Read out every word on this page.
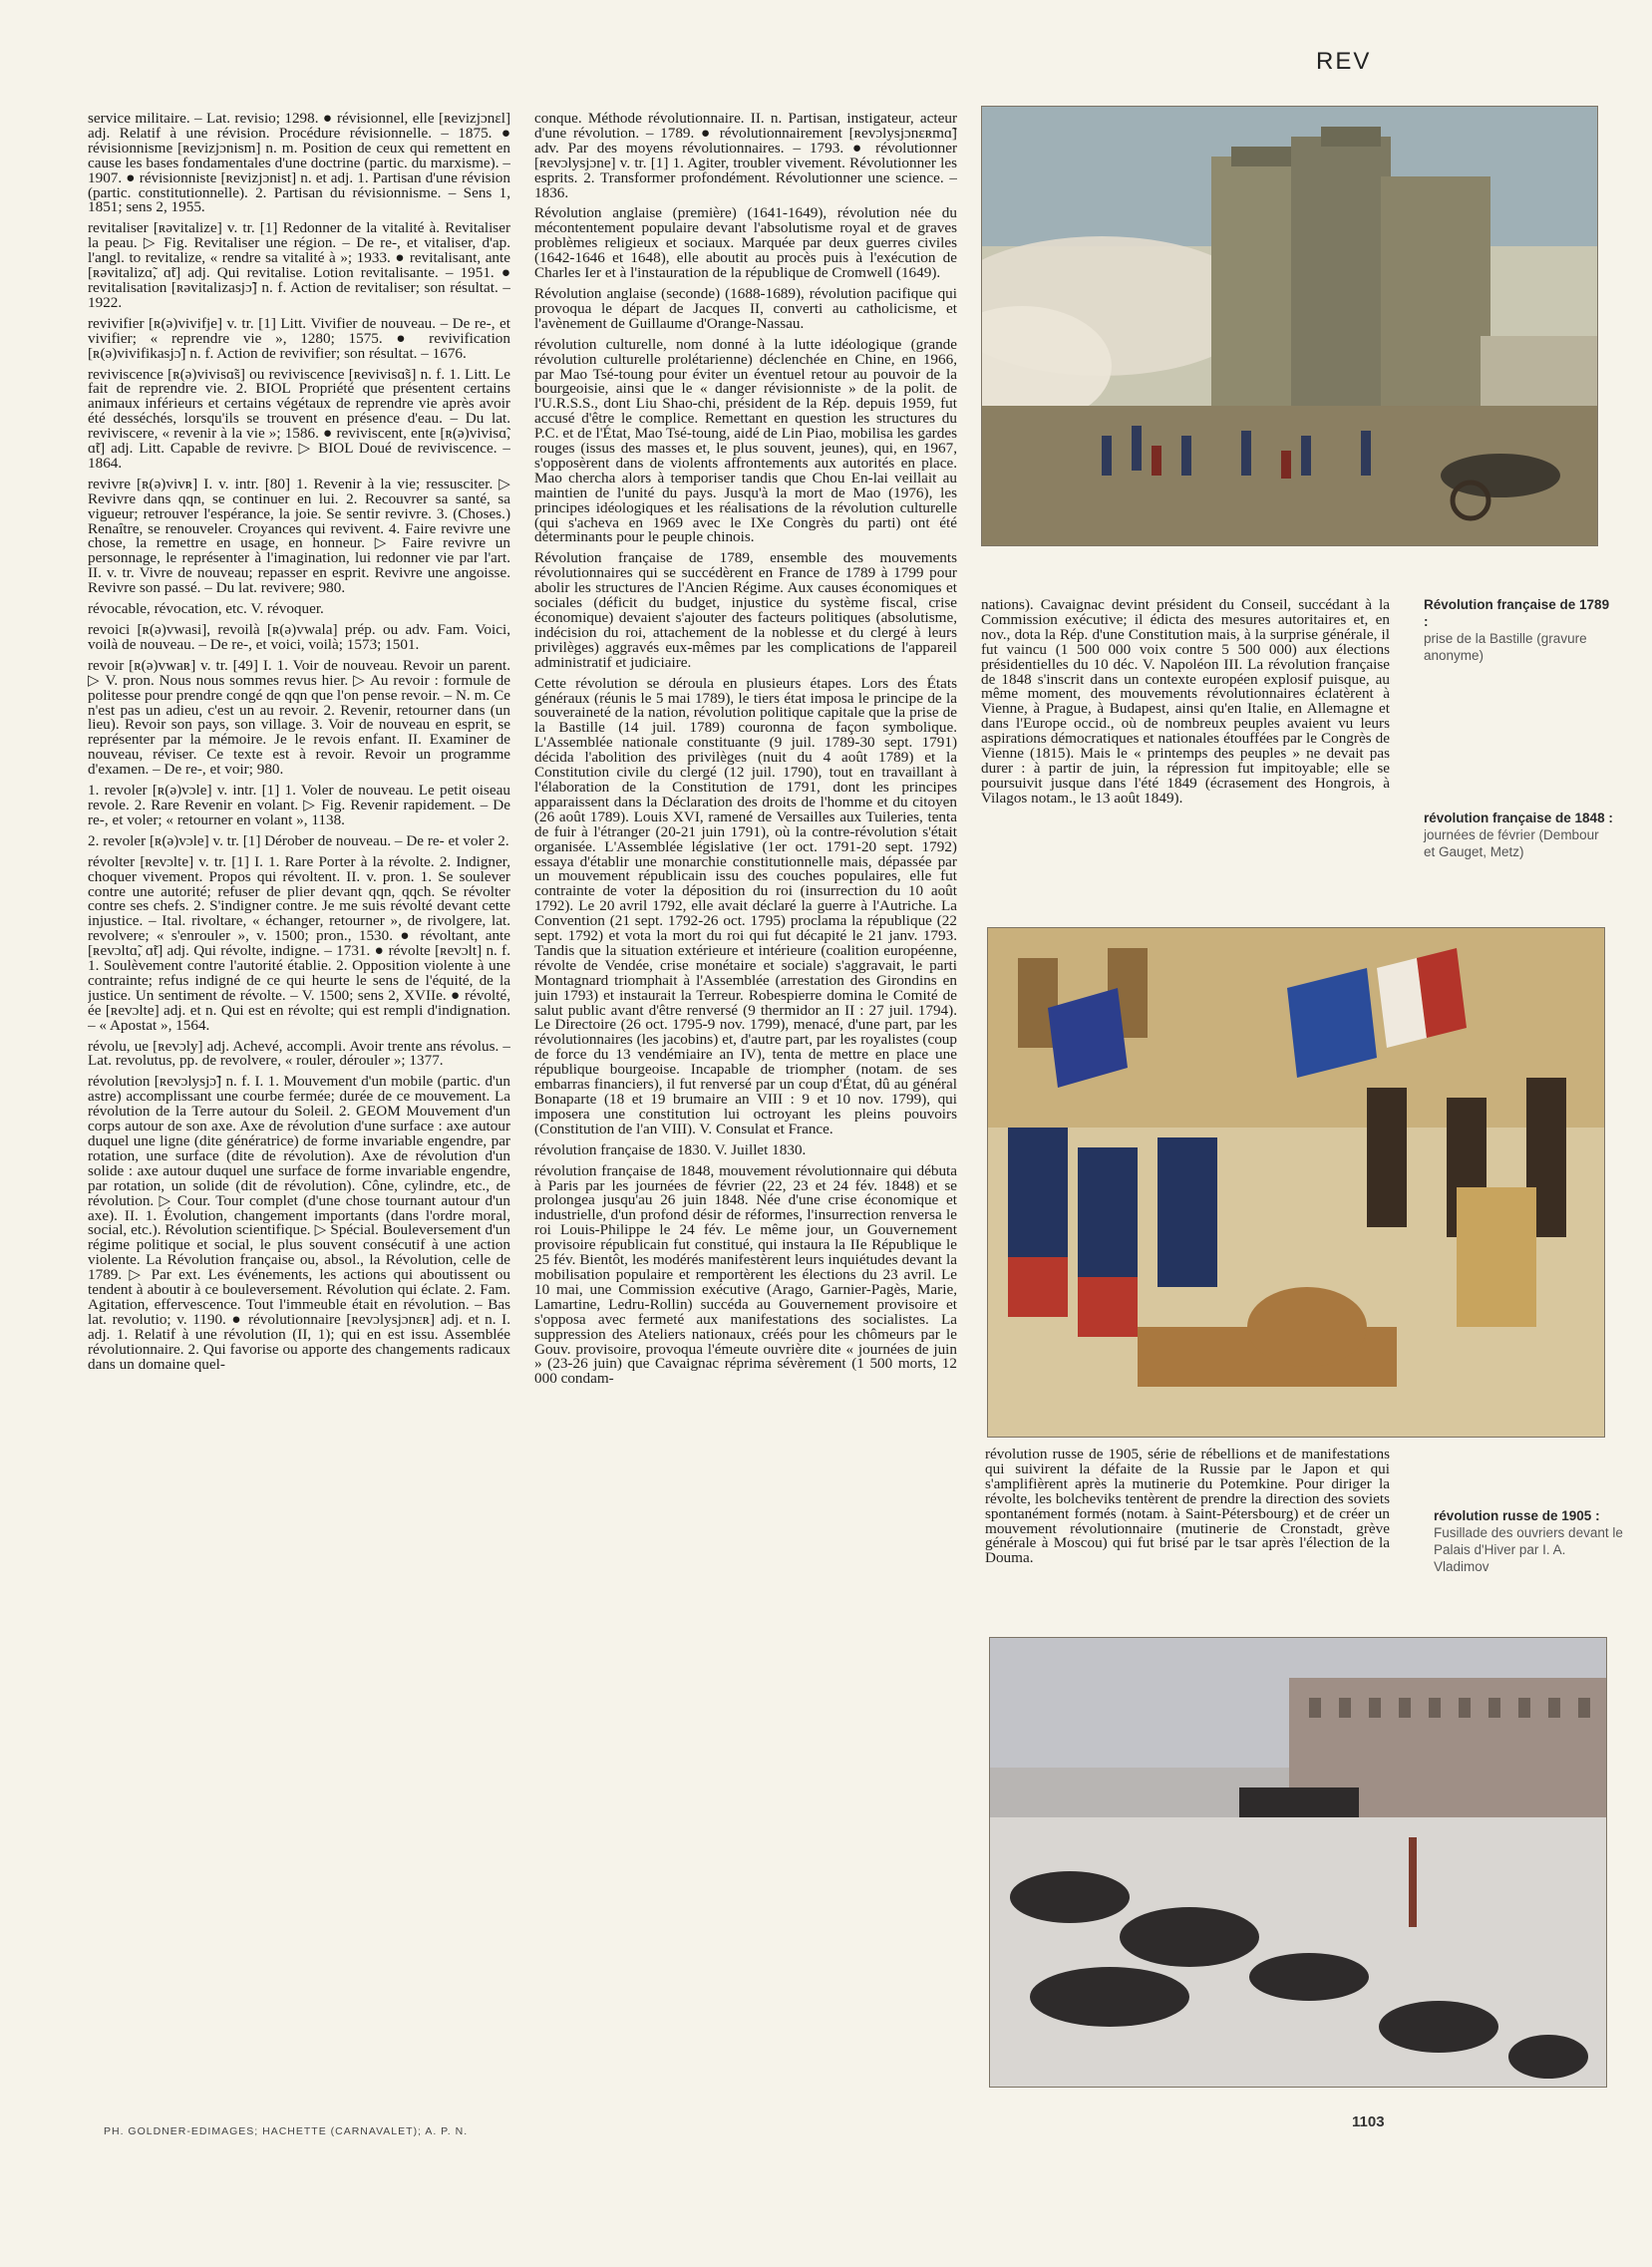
REV

service militaire. – Lat. revisio; 1298. ● révisionnel, elle [ʀevizjɔnɛl] adj. Relatif à une révision. Procédure révisionnelle. – 1875. ● révisionnisme [ʀevizjɔnism] n. m. Position de ceux qui remettent en cause les bases fondamentales d'une doctrine (partic. du marxisme). – 1907. ● révisionniste [ʀevizjɔnist] n. et adj. 1. Partisan d'une révision (partic. constitutionnelle). 2. Partisan du révisionnisme. – Sens 1, 1851; sens 2, 1955.

revitaliser [ʀəvitalize] v. tr. [1] Redonner de la vitalité à. Revitaliser la peau. ▷ Fig. Revitaliser une région. – De re-, et vitaliser, d'ap. l'angl. to revitalize, « rendre sa vitalité à »; 1933. ● revitalisant, ante [ʀəvitalizɑ̃, ɑ̃t] adj. Qui revitalise. Lotion revitalisante. – 1951. ● revitalisation [ʀəvitalizasjɔ̃] n. f. Action de revitaliser; son résultat. – 1922.

revivifier [ʀ(ə)vivifje] v. tr. [1] Litt. Vivifier de nouveau. – De re-, et vivifier; « reprendre vie », 1280; 1575. ● revivification [ʀ(ə)vivifikasjɔ̃] n. f. Action de revivifier; son résultat. – 1676.

reviviscence [ʀ(ə)vivisɑ̃s] ou reviviscence [ʀevivisɑ̃s] n. f. 1. Litt. Le fait de reprendre vie. 2. BIOL Propriété que présentent certains animaux inférieurs et certains végétaux de reprendre vie après avoir été desséchés, lorsqu'ils se trouvent en présence d'eau. – Du lat. reviviscere, « revenir à la vie »; 1586. ● reviviscent, ente [ʀ(ə)vivisɑ̃, ɑ̃t] adj. Litt. Capable de revivre. ▷ BIOL Doué de reviviscence. – 1864.

revivre [ʀ(ə)vivʀ] I. v. intr. [80] 1. Revenir à la vie; ressusciter. ▷ Revivre dans qqn, se continuer en lui. 2. Recouvrer sa santé, sa vigueur; retrouver l'espérance, la joie. Se sentir revivre. 3. (Choses.) Renaître, se renouveler. Croyances qui revivent. 4. Faire revivre une chose, la remettre en usage, en honneur. ▷ Faire revivre un personnage, le représenter à l'imagination, lui redonner vie par l'art. II. v. tr. Vivre de nouveau; repasser en esprit. Revivre une angoisse. Revivre son passé. – Du lat. revivere; 980.

révocable, révocation, etc. V. révoquer.

revoici [ʀ(ə)vwasi], revoilà [ʀ(ə)vwala] prép. ou adv. Fam. Voici, voilà de nouveau. – De re-, et voici, voilà; 1573; 1501.

revoir [ʀ(ə)vwaʀ] v. tr. [49] I. 1. Voir de nouveau. Revoir un parent. ▷ V. pron. Nous nous sommes revus hier. ▷ Au revoir : formule de politesse pour prendre congé de qqn que l'on pense revoir. – N. m. Ce n'est pas un adieu, c'est un au revoir. 2. Revenir, retourner dans (un lieu). Revoir son pays, son village. 3. Voir de nouveau en esprit, se représenter par la mémoire. Je le revois enfant. II. Examiner de nouveau, réviser. Ce texte est à revoir. Revoir un programme d'examen. – De re-, et voir; 980.

1. revoler [ʀ(ə)vɔle] v. intr. [1] 1. Voler de nouveau. Le petit oiseau revole. 2. Rare Revenir en volant. ▷ Fig. Revenir rapidement. – De re-, et voler; « retourner en volant », 1138.

2. revoler [ʀ(ə)vɔle] v. tr. [1] Dérober de nouveau. – De re- et voler 2.

révolter [ʀevɔlte] v. tr. [1] I. 1. Rare Porter à la révolte. 2. Indigner, choquer vivement. Propos qui révoltent. II. v. pron. 1. Se soulever contre une autorité; refuser de plier devant qqn, qqch. Se révolter contre ses chefs. 2. S'indigner contre. Je me suis révolté devant cette injustice. – Ital. rivoltare, « échanger, retourner », de rivolgere, lat. revolvere; « s'enrouler », v. 1500; pron., 1530. ● révoltant, ante [ʀevɔltɑ̃, ɑ̃t] adj. Qui révolte, indigne. – 1731. ● révolte [ʀevɔlt] n. f. 1. Soulèvement contre l'autorité établie. 2. Opposition violente à une contrainte; refus indigné de ce qui heurte le sens de l'équité, de la justice. Un sentiment de révolte. – V. 1500; sens 2, XVIIe. ● révolté, ée [ʀevɔlte] adj. et n. Qui est en révolte; qui est rempli d'indignation. – « Apostat », 1564.

révolu, ue [ʀevɔly] adj. Achevé, accompli. Avoir trente ans révolus. – Lat. revolutus, pp. de revolvere, « rouler, dérouler »; 1377.

révolution [ʀevɔlysjɔ̃] n. f. I. 1. Mouvement d'un mobile (partic. d'un astre) accomplissant une courbe fermée; durée de ce mouvement. La révolution de la Terre autour du Soleil. 2. GEOM Mouvement d'un corps autour de son axe. Axe de révolution d'une surface : axe autour duquel une ligne (dite génératrice) de forme invariable engendre, par rotation, une surface (dite de révolution). Axe de révolution d'un solide : axe autour duquel une surface de forme invariable engendre, par rotation, un solide (dit de révolution). Cône, cylindre, etc., de révolution. ▷ Cour. Tour complet (d'une chose tournant autour d'un axe). II. 1. Évolution, changement importants (dans l'ordre moral, social, etc.). Révolution scientifique. ▷ Spécial. Bouleversement d'un régime politique et social, le plus souvent consécutif à une action violente. La Révolution française ou, absol., la Révolution, celle de 1789. ▷ Par ext. Les événements, les actions qui aboutissent ou tendent à aboutir à ce bouleversement. Révolution qui éclate. 2. Fam. Agitation, effervescence. Tout l'immeuble était en révolution. – Bas lat. revolutio; v. 1190. ● révolutionnaire [ʀevɔlysjɔnɛʀ] adj. et n. I. adj. 1. Relatif à une révolution (II, 1); qui en est issu. Assemblée révolutionnaire. 2. Qui favorise ou apporte des changements radicaux dans un domaine quel-

conque. Méthode révolutionnaire. II. n. Partisan, instigateur, acteur d'une révolution. – 1789. ● révolutionnairement [ʀevɔlysjɔnɛʀmɑ̃] adv. Par des moyens révolutionnaires. – 1793. ● révolutionner [ʀevɔlysjɔne] v. tr. [1] 1. Agiter, troubler vivement. Révolutionner les esprits. 2. Transformer profondément. Révolutionner une science. – 1836.

Révolution anglaise (première) (1641-1649), révolution née du mécontentement populaire devant l'absolutisme royal et de graves problèmes religieux et sociaux. Marquée par deux guerres civiles (1642-1646 et 1648), elle aboutit au procès puis à l'exécution de Charles Ier et à l'instauration de la république de Cromwell (1649).

Révolution anglaise (seconde) (1688-1689), révolution pacifique qui provoqua le départ de Jacques II, converti au catholicisme, et l'avènement de Guillaume d'Orange-Nassau.

révolution culturelle, nom donné à la lutte idéologique (grande révolution culturelle prolétarienne) déclenchée en Chine, en 1966, par Mao Tsé-toung pour éviter un éventuel retour au pouvoir de la bourgeoisie, ainsi que le « danger révisionniste » de la polit. de l'U.R.S.S., dont Liu Shao-chi, président de la Rép. depuis 1959, fut accusé d'être le complice. Remettant en question les structures du P.C. et de l'État, Mao Tsé-toung, aidé de Lin Piao, mobilisa les gardes rouges (issus des masses et, le plus souvent, jeunes), qui, en 1967, s'opposèrent dans de violents affrontements aux autorités en place. Mao chercha alors à temporiser tandis que Chou En-lai veillait au maintien de l'unité du pays. Jusqu'à la mort de Mao (1976), les principes idéologiques et les réalisations de la révolution culturelle (qui s'acheva en 1969 avec le IXe Congrès du parti) ont été déterminants pour le peuple chinois.

Révolution française de 1789, ensemble des mouvements révolutionnaires qui se succédèrent en France de 1789 à 1799 pour abolir les structures de l'Ancien Régime. Aux causes économiques et sociales (déficit du budget, injustice du système fiscal, crise économique) devaient s'ajouter des facteurs politiques (absolutisme, indécision du roi, attachement de la noblesse et du clergé à leurs privilèges) aggravés eux-mêmes par les complications de l'appareil administratif et judiciaire.

Cette révolution se déroula en plusieurs étapes. Lors des États généraux (réunis le 5 mai 1789), le tiers état imposa le principe de la souveraineté de la nation, révolution politique capitale que la prise de la Bastille (14 juil. 1789) couronna de façon symbolique. L'Assemblée nationale constituante (9 juil. 1789-30 sept. 1791) décida l'abolition des privilèges (nuit du 4 août 1789) et la Constitution civile du clergé (12 juil. 1790), tout en travaillant à l'élaboration de la Constitution de 1791, dont les principes apparaissent dans la Déclaration des droits de l'homme et du citoyen (26 août 1789). Louis XVI, ramené de Versailles aux Tuileries, tenta de fuir à l'étranger (20-21 juin 1791), où la contre-révolution s'était organisée. L'Assemblée législative (1er oct. 1791-20 sept. 1792) essaya d'établir une monarchie constitutionnelle mais, dépassée par un mouvement républicain issu des couches populaires, elle fut contrainte de voter la déposition du roi (insurrection du 10 août 1792). Le 20 avril 1792, elle avait déclaré la guerre à l'Autriche. La Convention (21 sept. 1792-26 oct. 1795) proclama la république (22 sept. 1792) et vota la mort du roi qui fut décapité le 21 janv. 1793. Tandis que la situation extérieure et intérieure (coalition européenne, révolte de Vendée, crise monétaire et sociale) s'aggravait, le parti Montagnard triomphait à l'Assemblée (arrestation des Girondins en juin 1793) et instaurait la Terreur. Robespierre domina le Comité de salut public avant d'être renversé (9 thermidor an II : 27 juil. 1794). Le Directoire (26 oct. 1795-9 nov. 1799), menacé, d'une part, par les révolutionnaires (les jacobins) et, d'autre part, par les royalistes (coup de force du 13 vendémiaire an IV), tenta de mettre en place une république bourgeoise. Incapable de triompher (notam. de ses embarras financiers), il fut renversé par un coup d'État, dû au général Bonaparte (18 et 19 brumaire an VIII : 9 et 10 nov. 1799), qui imposera une constitution lui octroyant les pleins pouvoirs (Constitution de l'an VIII). V. Consulat et France.

révolution française de 1830. V. Juillet 1830.

révolution française de 1848, mouvement révolutionnaire qui débuta à Paris par les journées de février (22, 23 et 24 fév. 1848) et se prolongea jusqu'au 26 juin 1848. Née d'une crise économique et industrielle, d'un profond désir de réformes, l'insurrection renversa le roi Louis-Philippe le 24 fév. Le même jour, un Gouvernement provisoire républicain fut constitué, qui instaura la IIe République le 25 fév. Bientôt, les modérés manifestèrent leurs inquiétudes devant la mobilisation populaire et remportèrent les élections du 23 avril. Le 10 mai, une Commission exécutive (Arago, Garnier-Pagès, Marie, Lamartine, Ledru-Rollin) succéda au Gouvernement provisoire et s'opposa avec fermeté aux manifestations des socialistes. La suppression des Ateliers nationaux, créés pour les chômeurs par le Gouv. provisoire, provoqua l'émeute ouvrière dite « journées de juin » (23-26 juin) que Cavaignac réprima sévèrement (1 500 morts, 12 000 condam-

nations). Cavaignac devint président du Conseil, succédant à la Commission exécutive; il édicta des mesures autoritaires et, en nov., dota la Rép. d'une Constitution mais, à la surprise générale, il fut vaincu (1 500 000 voix contre 5 500 000) aux élections présidentielles du 10 déc. V. Napoléon III. La révolution française de 1848 s'inscrit dans un contexte européen explosif puisque, au même moment, des mouvements révolutionnaires éclatèrent à Vienne, à Prague, à Budapest, ainsi qu'en Italie, en Allemagne et dans l'Europe occid., où de nombreux peuples avaient vu leurs aspirations démocratiques et nationales étouffées par le Congrès de Vienne (1815). Mais le « printemps des peuples » ne devait pas durer : à partir de juin, la répression fut impitoyable; elle se poursuivit jusque dans l'été 1849 (écrasement des Hongrois, à Vilagos notam., le 13 août 1849).

révolution russe de 1905, série de rébellions et de manifestations qui suivirent la défaite de la Russie par le Japon et qui s'amplifièrent après la mutinerie du Potemkine. Pour diriger la révolte, les bolcheviks tentèrent de prendre la direction des soviets spontanément formés (notam. à Saint-Pétersbourg) et de créer un mouvement révolutionnaire (mutinerie de Cronstadt, grève générale à Moscou) qui fut brisé par le tsar après l'élection de la Douma.

Révolution française de 1789 :
prise de la Bastille (gravure anonyme)
révolution française de 1848 :
journées de février (Dembour et Gauget, Metz)
révolution russe de 1905 :
Fusillade des ouvriers devant le Palais d'Hiver par I. A. Vladimov
PH. GOLDNER-EDIMAGES; HACHETTE (CARNAVALET); A. P. N.
1103
